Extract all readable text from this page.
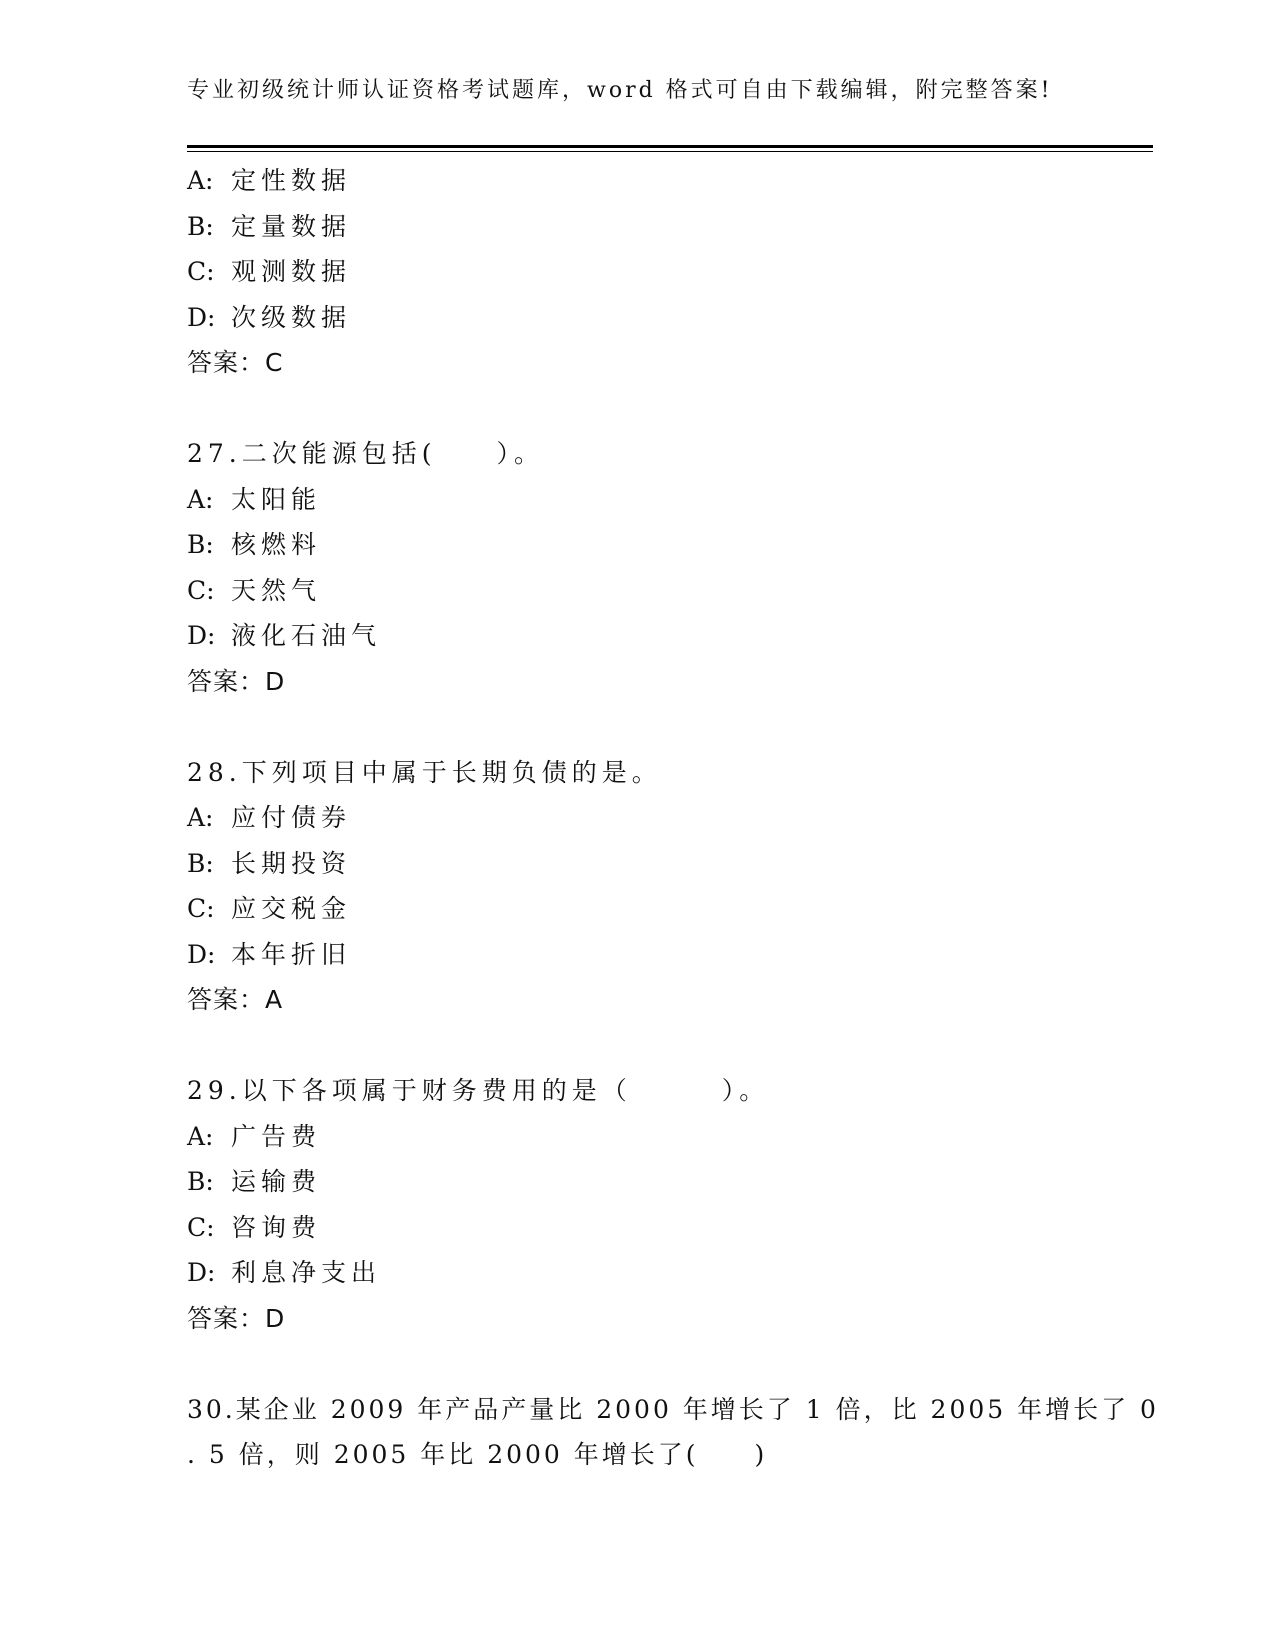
专业初级统计师认证资格考试题库，word 格式可自由下载编辑，附完整答案!
A: 定性数据
B: 定量数据
C: 观测数据
D: 次级数据
答案：C
27.二次能源包括(　　）。
A: 太阳能
B: 核燃料
C: 天然气
D: 液化石油气
答案：D
28.下列项目中属于长期负债的是。
A: 应付债券
B: 长期投资
C: 应交税金
D: 本年折旧
答案：A
29.以下各项属于财务费用的是（　　　）。
A: 广告费
B: 运输费
C: 咨询费
D: 利息净支出
答案：D
30.某企业 2009 年产品产量比 2000 年增长了 1 倍，比 2005 年增长了 0
. 5 倍，则 2005 年比 2000 年增长了(　　)
